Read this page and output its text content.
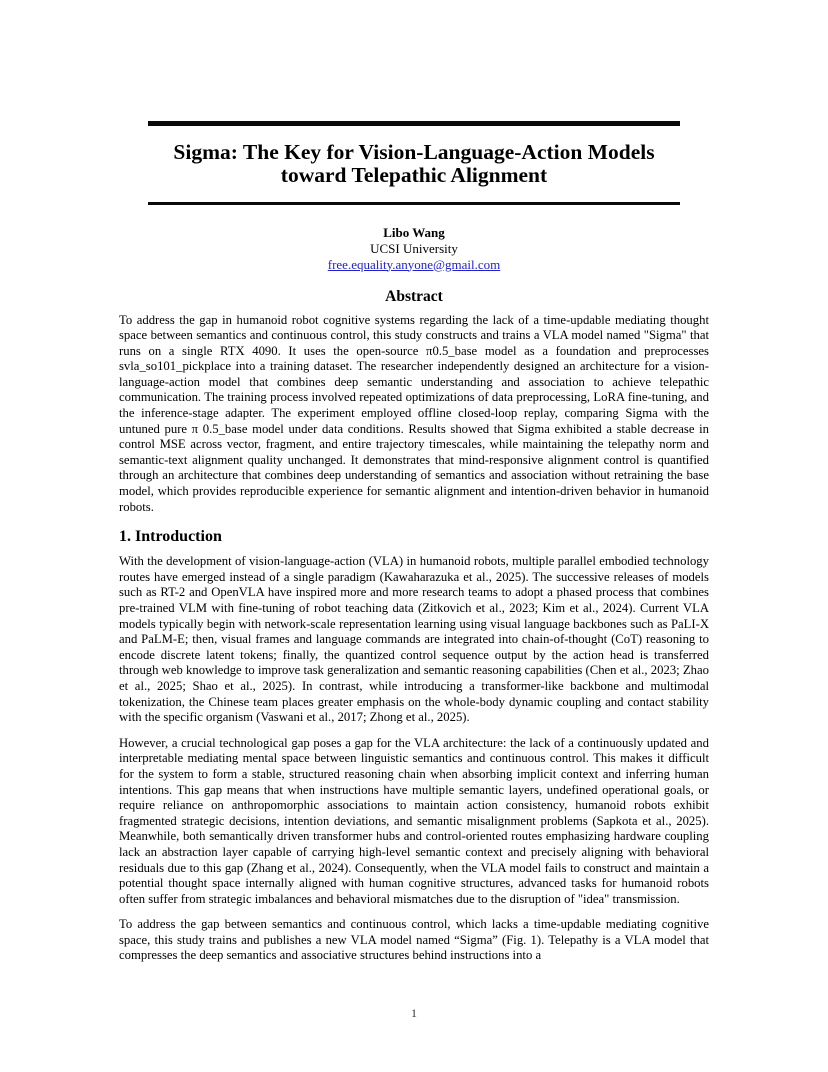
Sigma: The Key for Vision-Language-Action Models
toward Telepathic Alignment
Libo Wang
UCSI University
free.equality.anyone@gmail.com
Abstract

To address the gap in humanoid robot cognitive systems regarding the lack of a time-updable mediating thought space between semantics and continuous control, this study constructs and trains a VLA model named "Sigma" that runs on a single RTX 4090. It uses the open-source π0.5_base model as a foundation and preprocesses svla_so101_pickplace into a training dataset. The researcher independently designed an architecture for a vision-language-action model that combines deep semantic understanding and association to achieve telepathic communication. The training process involved repeated optimizations of data preprocessing, LoRA fine-tuning, and the inference-stage adapter. The experiment employed offline closed-loop replay, comparing Sigma with the untuned pure π 0.5_base model under data conditions. Results showed that Sigma exhibited a stable decrease in control MSE across vector, fragment, and entire trajectory timescales, while maintaining the telepathy norm and semantic-text alignment quality unchanged. It demonstrates that mind-responsive alignment control is quantified through an architecture that combines deep understanding of semantics and association without retraining the base model, which provides reproducible experience for semantic alignment and intention-driven behavior in humanoid robots.

1. Introduction

With the development of vision-language-action (VLA) in humanoid robots, multiple parallel embodied technology routes have emerged instead of a single paradigm (Kawaharazuka et al., 2025). The successive releases of models such as RT-2 and OpenVLA have inspired more and more research teams to adopt a phased process that combines pre-trained VLM with fine-tuning of robot teaching data (Zitkovich et al., 2023; Kim et al., 2024). Current VLA models typically begin with network-scale representation learning using visual language backbones such as PaLI-X and PaLM-E; then, visual frames and language commands are integrated into chain-of-thought (CoT) reasoning to encode discrete latent tokens; finally, the quantized control sequence output by the action head is transferred through web knowledge to improve task generalization and semantic reasoning capabilities (Chen et al., 2023; Zhao et al., 2025; Shao et al., 2025). In contrast, while introducing a transformer-like backbone and multimodal tokenization, the Chinese team places greater emphasis on the whole-body dynamic coupling and contact stability with the specific organism (Vaswani et al., 2017; Zhong et al., 2025).

However, a crucial technological gap poses a gap for the VLA architecture: the lack of a continuously updated and interpretable mediating mental space between linguistic semantics and continuous control. This makes it difficult for the system to form a stable, structured reasoning chain when absorbing implicit context and inferring human intentions. This gap means that when instructions have multiple semantic layers, undefined operational goals, or require reliance on anthropomorphic associations to maintain action consistency, humanoid robots exhibit fragmented strategic decisions, intention deviations, and semantic misalignment problems (Sapkota et al., 2025). Meanwhile, both semantically driven transformer hubs and control-oriented routes emphasizing hardware coupling lack an abstraction layer capable of carrying high-level semantic context and precisely aligning with behavioral residuals due to this gap (Zhang et al., 2024). Consequently, when the VLA model fails to construct and maintain a potential thought space internally aligned with human cognitive structures, advanced tasks for humanoid robots often suffer from strategic imbalances and behavioral mismatches due to the disruption of "idea" transmission.

To address the gap between semantics and continuous control, which lacks a time-updable mediating cognitive space, this study trains and publishes a new VLA model named “Sigma” (Fig. 1). Telepathy is a VLA model that compresses the deep semantics and associative structures behind instructions into a

1
